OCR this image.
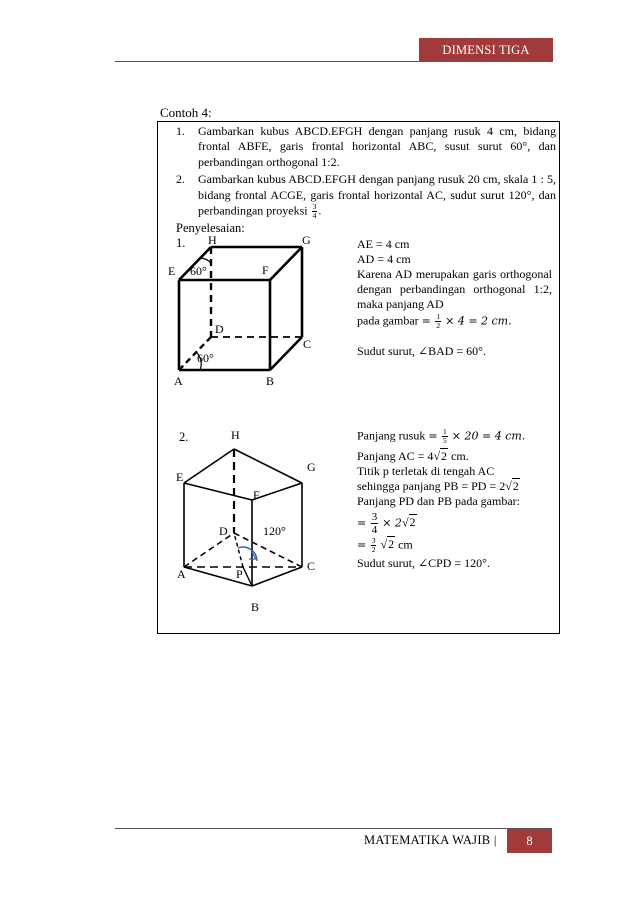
DIMENSI TIGA
Contoh 4:
1.	Gambarkan kubus ABCD.EFGH dengan panjang rusuk 4 cm, bidang frontal ABFE, garis frontal horizontal ABC, susut surut 60°, dan perbandingan orthogonal 1:2.
2.	Gambarkan kubus ABCD.EFGH dengan panjang rusuk 20 cm, skala 1 : 5, bidang frontal ACGE, garis frontal horizontal AC, sudut surut 120°, dan perbandingan proyeksi $\frac{3}{4}$ .
Penyelesaian:
1. H	G
E	F
D
C
A	B
60°
60°
AE = 4 cm
AD = 4 cm
Karena AD merupakan garis orthogonal dengan perbandingan orthogonal 1:2, maka panjang AD
pada gambar = $\frac{1}{2} \times 4 = 2$ cm.
Sudut surut, ∠BAD = 60°.
2.	H
G
E
F
D	120°
C
A	P
B
Panjang rusuk = $\frac{1}{5} \times 20 = 4$ cm.
Panjang AC = 4√2 cm.
Titik p terletak di tengah AC
sehingga panjang PB = PD = 2√2
Panjang PD dan PB pada gambar:
= $\frac{3}{4} \times 2√2$
= $\frac{3}{2} √2$ cm
Sudut surut, ∠CPD = 120°.
MATEMATIKA WAJIB |	8
